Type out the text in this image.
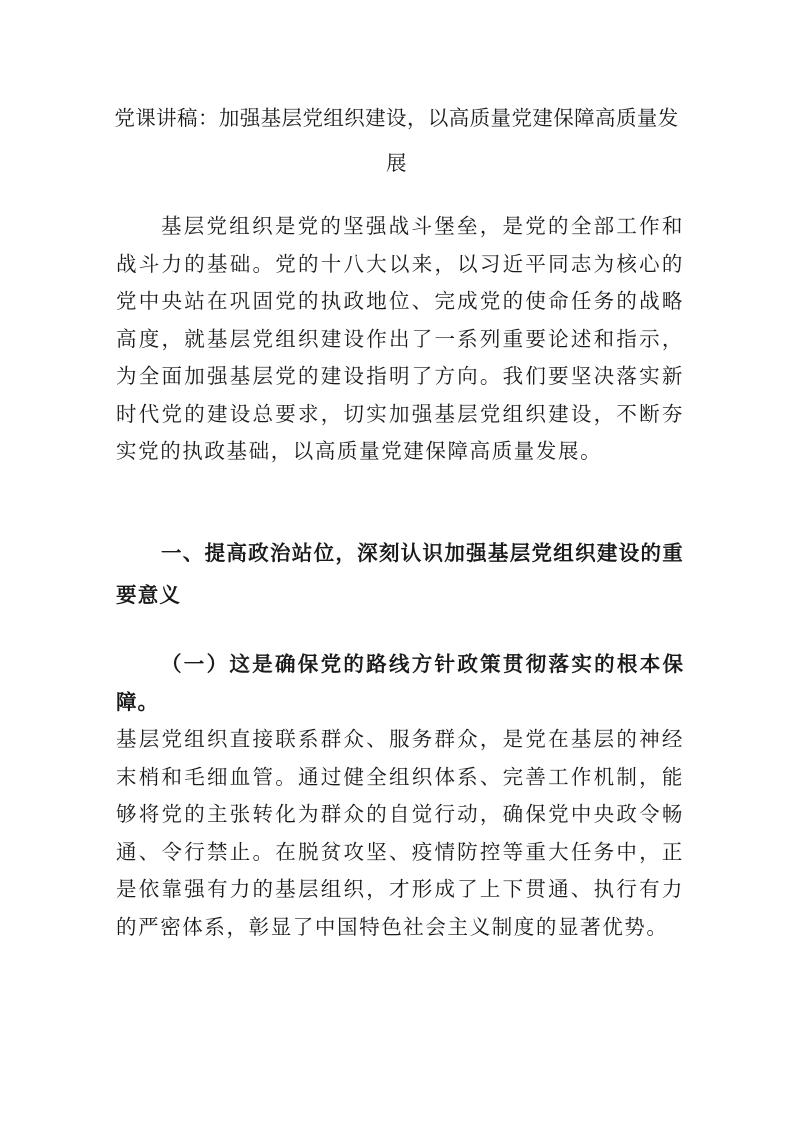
党课讲稿：加强基层党组织建设，以高质量党建保障高质量发展
基层党组织是党的坚强战斗堡垒，是党的全部工作和战斗力的基础。党的十八大以来，以习近平同志为核心的党中央站在巩固党的执政地位、完成党的使命任务的战略高度，就基层党组织建设作出了一系列重要论述和指示，为全面加强基层党的建设指明了方向。我们要坚决落实新时代党的建设总要求，切实加强基层党组织建设，不断夯实党的执政基础，以高质量党建保障高质量发展。
一、提高政治站位，深刻认识加强基层党组织建设的重要意义
（一）这是确保党的路线方针政策贯彻落实的根本保障。
基层党组织直接联系群众、服务群众，是党在基层的神经末梢和毛细血管。通过健全组织体系、完善工作机制，能够将党的主张转化为群众的自觉行动，确保党中央政令畅通、令行禁止。在脱贫攻坚、疫情防控等重大任务中，正是依靠强有力的基层组织，才形成了上下贯通、执行有力的严密体系，彰显了中国特色社会主义制度的显著优势。
